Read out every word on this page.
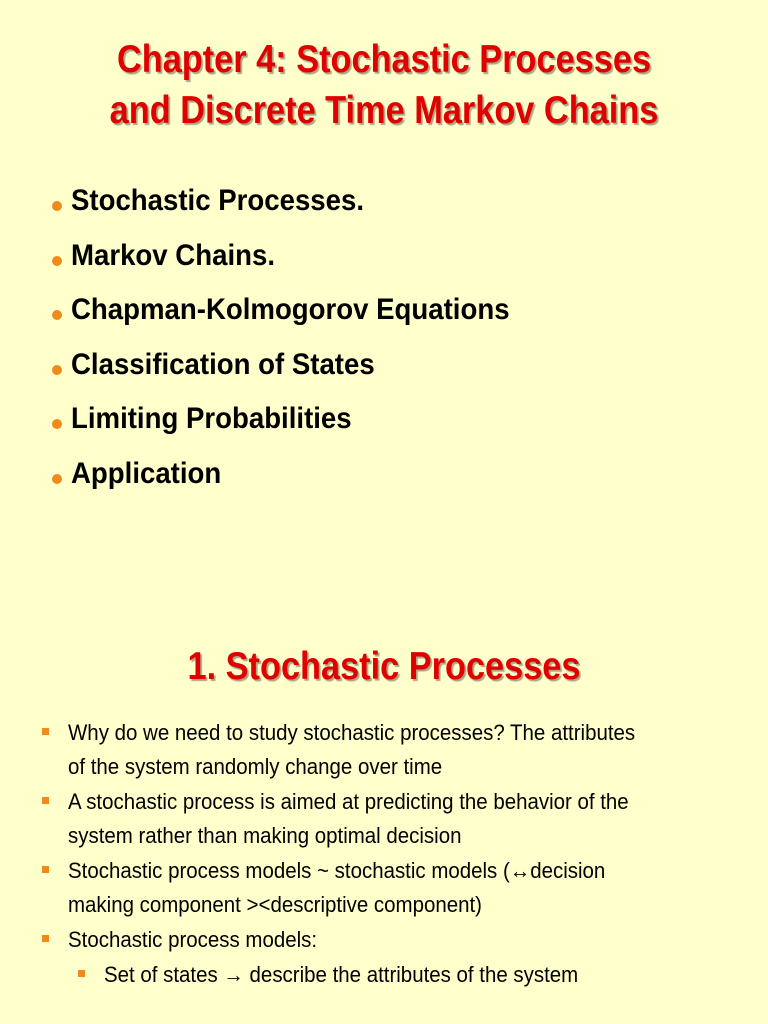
Chapter 4: Stochastic Processes
and Discrete Time Markov Chains
Stochastic Processes.
Markov Chains.
Chapman-Kolmogorov Equations
Classification of States
Limiting Probabilities
Application
1. Stochastic Processes
Why do we need to study stochastic processes? The attributes
of the system randomly change over time
A stochastic process is aimed at predicting the behavior of the
system rather than making optimal decision
Stochastic process models ~ stochastic models (↔decision
making component ><descriptive component)
Stochastic process models:
Set of states → describe the attributes of the system
